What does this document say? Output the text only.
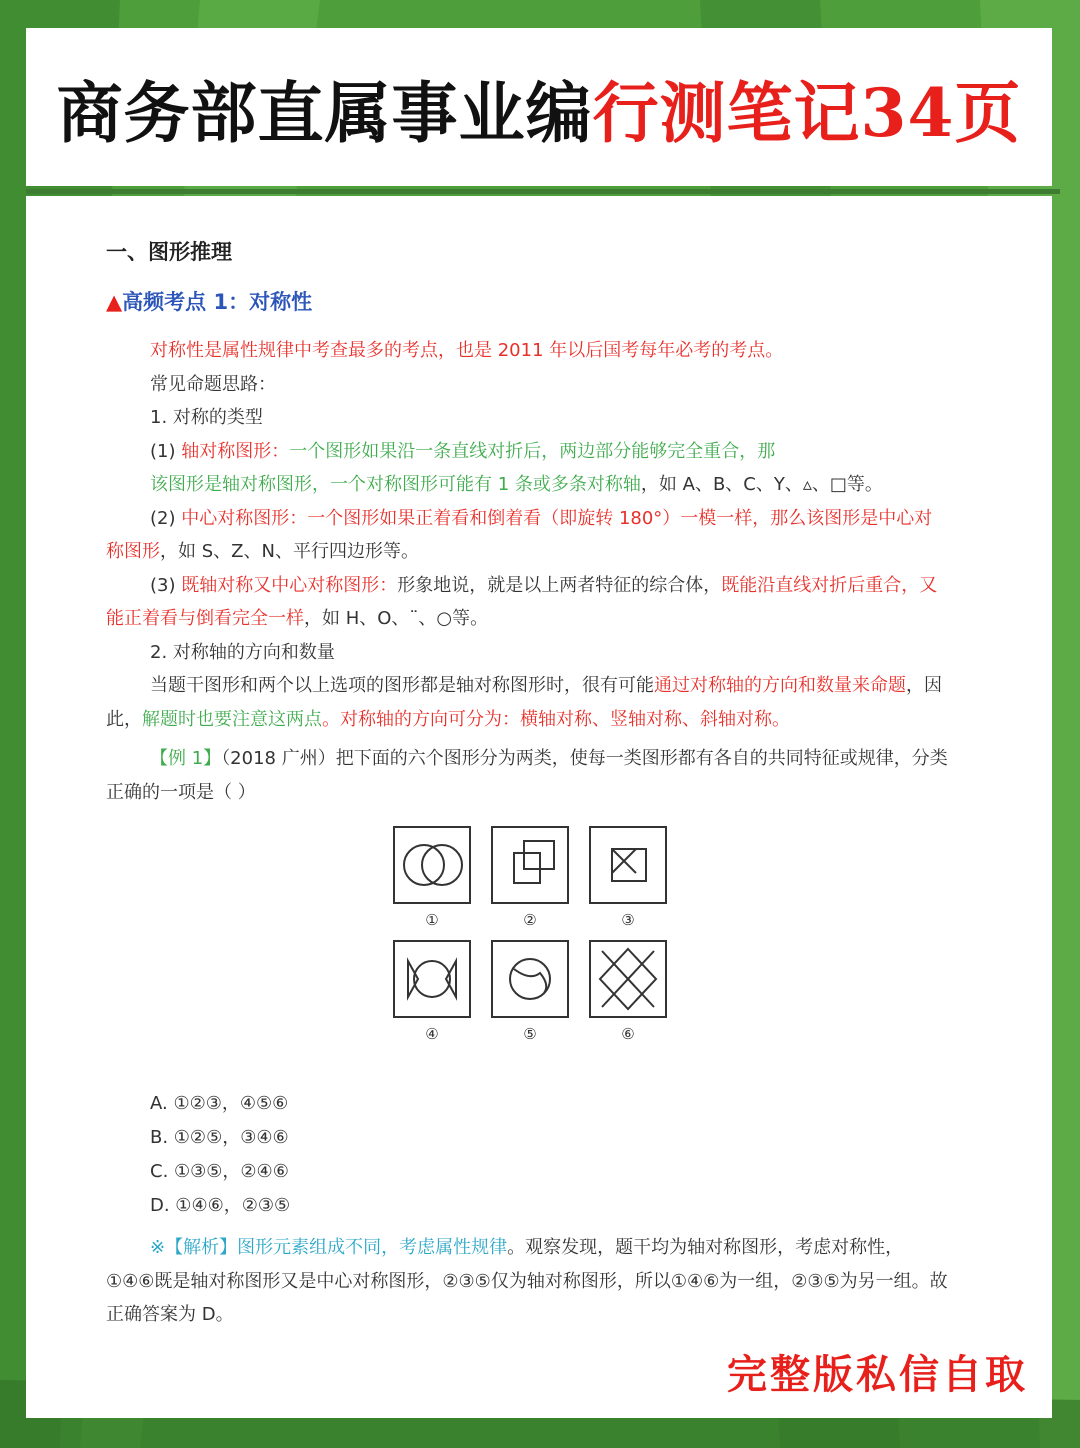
商务部直属事业编行测笔记34页
一、图形推理
▲高频考点 1：对称性

对称性是属性规律中考查最多的考点，也是 2011 年以后国考每年必考的考点。

常见命题思路：

1. 对称的类型

(1) 轴对称图形：一个图形如果沿一条直线对折后，两边部分能够完全重合，那

该图形是轴对称图形，一个对称图形可能有 1 条或多条对称轴，如 A、B、C、Y、▵、□等。

(2) 中心对称图形：一个图形如果正着看和倒着看（即旋转 180°）一模一样，那么该图形是中心对称图形，如 S、Z、N、平行四边形等。

(3) 既轴对称又中心对称图形：形象地说，就是以上两者特征的综合体，既能沿直线对折后重合，又能正着看与倒看完全一样，如 H、O、¨、○等。

2. 对称轴的方向和数量

当题干图形和两个以上选项的图形都是轴对称图形时，很有可能通过对称轴的方向和数量来命题，因此，解题时也要注意这两点。对称轴的方向可分为：横轴对称、竖轴对称、斜轴对称。

【例 1】（2018 广州）把下面的六个图形分为两类，使每一类图形都有各自的共同特征或规律，分类正确的一项是（ ）

①	②	③
④	⑤	⑥
A. ①②③，④⑤⑥
B. ①②⑤，③④⑥
C. ①③⑤，②④⑥
D. ①④⑥，②③⑤

※【解析】图形元素组成不同，考虑属性规律。观察发现，题干均为轴对称图形，考虑对称性，①④⑥既是轴对称图形又是中心对称图形，②③⑤仅为轴对称图形，所以①④⑥为一组，②③⑤为另一组。故正确答案为 D。

完整版私信自取
